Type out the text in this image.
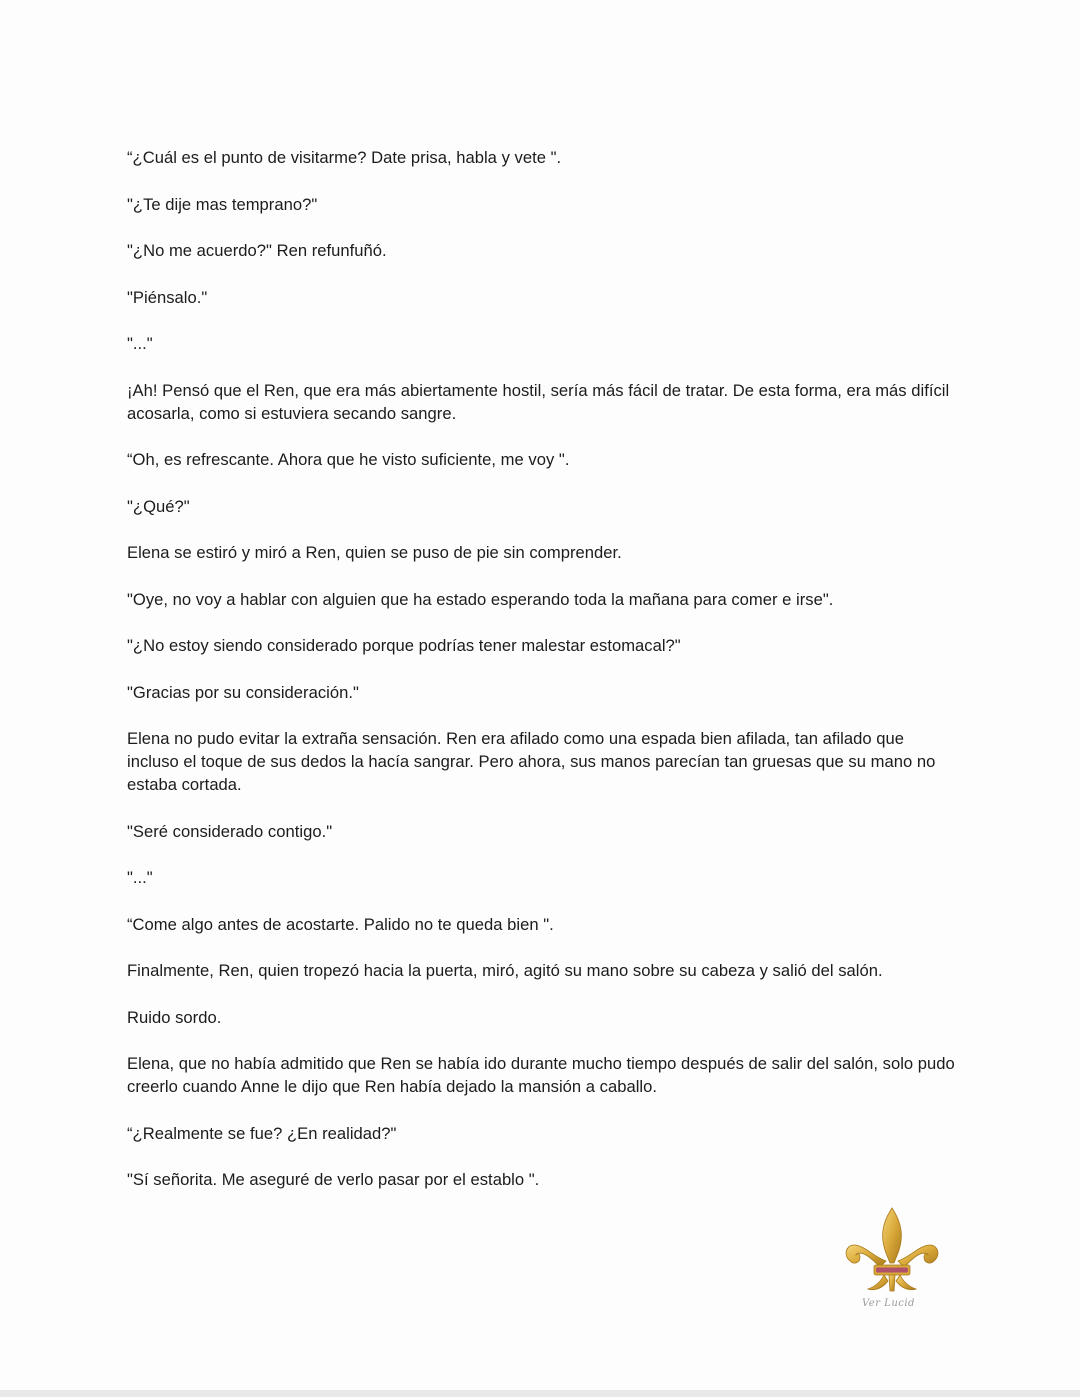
“¿Cuál es el punto de visitarme? Date prisa, habla y vete ".

"¿Te dije mas temprano?"

"¿No me acuerdo?" Ren refunfuñó.

"Piénsalo."

"..."

¡Ah! Pensó que el Ren, que era más abiertamente hostil, sería más fácil de tratar. De esta forma, era más difícil acosarla, como si estuviera secando sangre.

“Oh, es refrescante. Ahora que he visto suficiente, me voy ".

"¿Qué?"

Elena se estiró y miró a Ren, quien se puso de pie sin comprender.

"Oye, no voy a hablar con alguien que ha estado esperando toda la mañana para comer e irse".

"¿No estoy siendo considerado porque podrías tener malestar estomacal?"

"Gracias por su consideración."

Elena no pudo evitar la extraña sensación. Ren era afilado como una espada bien afilada, tan afilado que incluso el toque de sus dedos la hacía sangrar. Pero ahora, sus manos parecían tan gruesas que su mano no estaba cortada.

"Seré considerado contigo."

"..."

“Come algo antes de acostarte. Palido no te queda bien ".

Finalmente, Ren, quien tropezó hacia la puerta, miró, agitó su mano sobre su cabeza y salió del salón.

Ruido sordo.

Elena, que no había admitido que Ren se había ido durante mucho tiempo después de salir del salón, solo pudo creerlo cuando Anne le dijo que Ren había dejado la mansión a caballo.

“¿Realmente se fue? ¿En realidad?"

"Sí señorita. Me aseguré de verlo pasar por el establo ".

Ver Lucid
